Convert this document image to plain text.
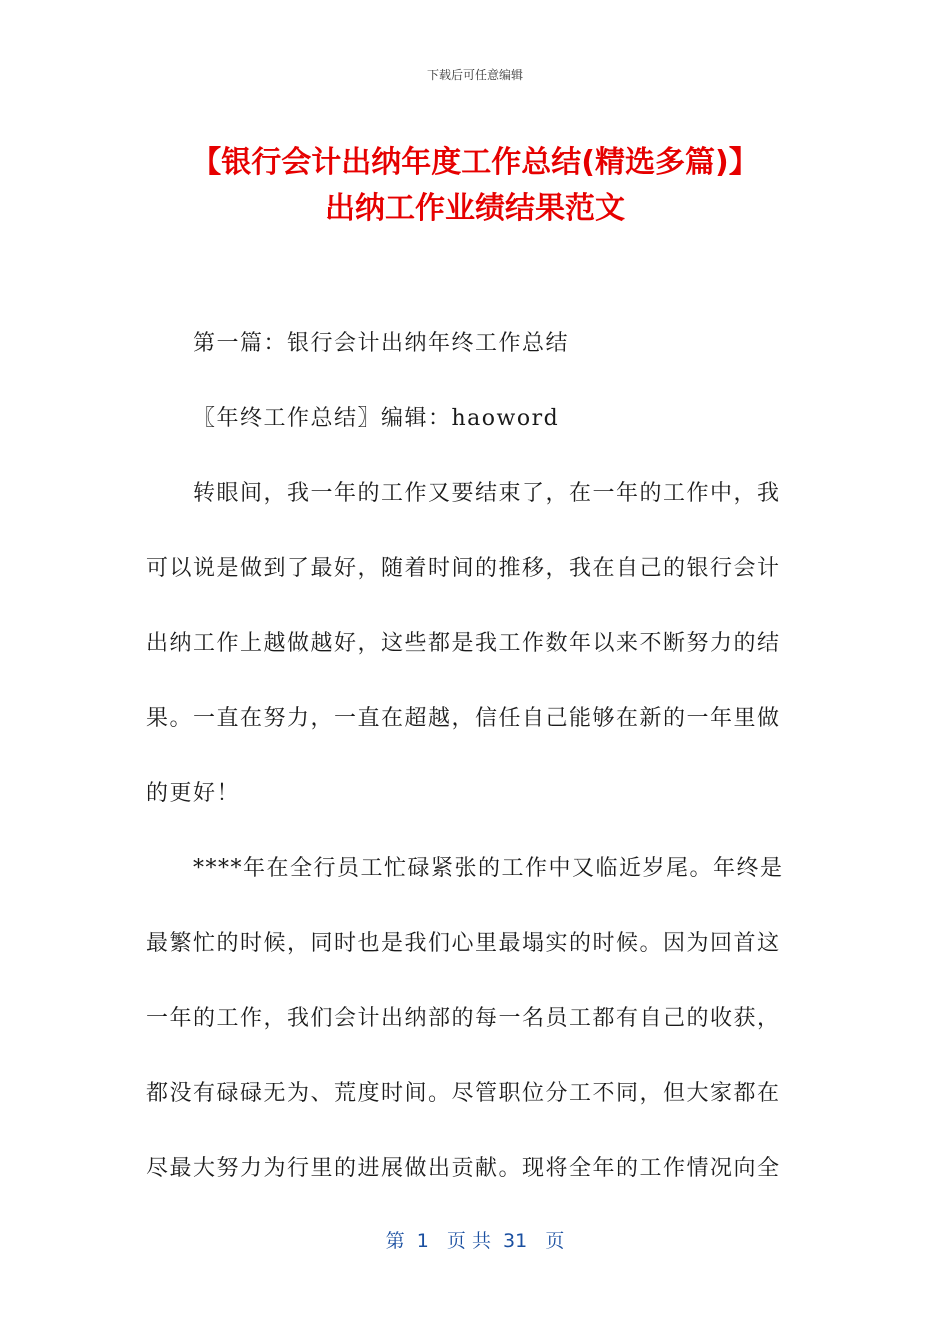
下载后可任意编辑
【银行会计出纳年度工作总结(精选多篇)】
出纳工作业绩结果范文
第一篇：银行会计出纳年终工作总结
〖年终工作总结〗编辑：haoword
转眼间，我一年的工作又要结束了，在一年的工作中，我
可以说是做到了最好，随着时间的推移，我在自己的银行会计
出纳工作上越做越好，这些都是我工作数年以来不断努力的结
果。一直在努力，一直在超越，信任自己能够在新的一年里做
的更好！
****年在全行员工忙碌紧张的工作中又临近岁尾。年终是
最繁忙的时候，同时也是我们心里最塌实的时候。因为回首这
一年的工作，我们会计出纳部的每一名员工都有自己的收获，
都没有碌碌无为、荒度时间。尽管职位分工不同，但大家都在
尽最大努力为行里的进展做出贡献。现将全年的工作情况向全
第  1   页 共  31   页
